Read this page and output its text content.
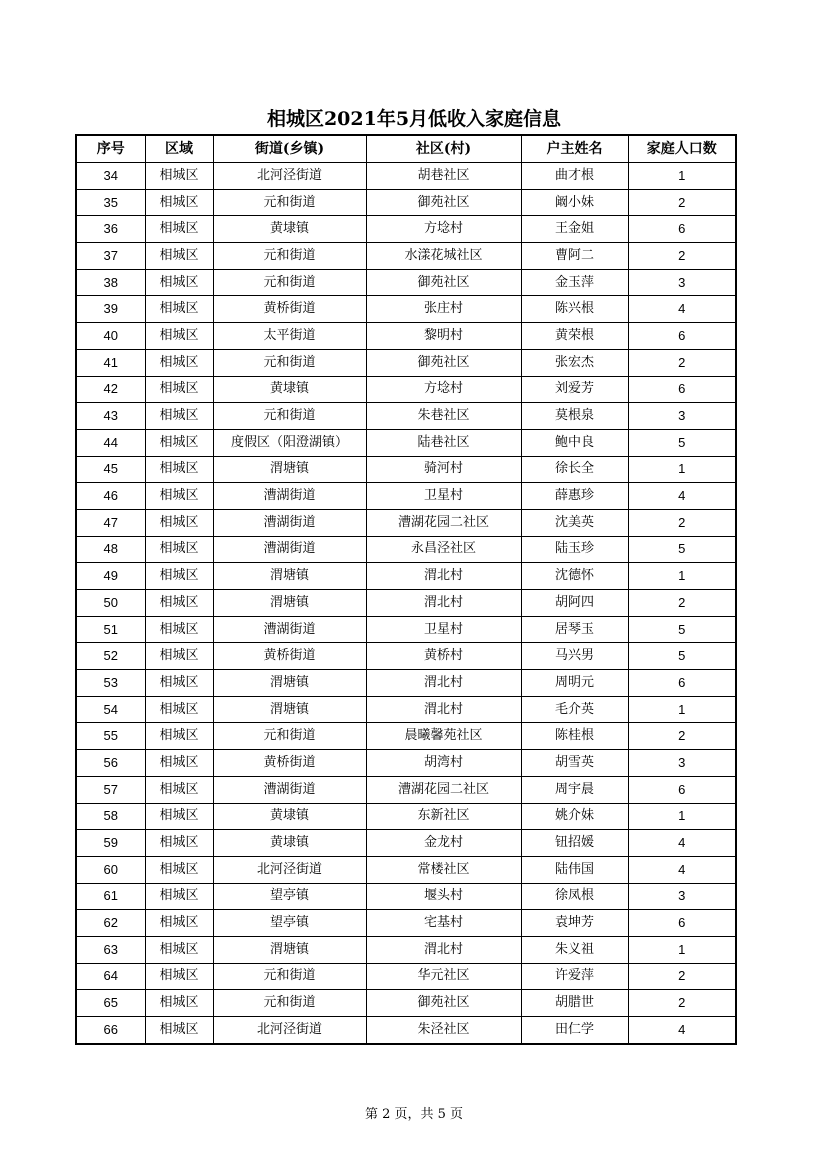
相城区2021年5月低收入家庭信息
序号	区域	街道(乡镇)	社区(村)	户主姓名	家庭人口数
34	相城区	北河泾街道	胡巷社区	曲才根	1
35	相城区	元和街道	御苑社区	阚小妹	2
36	相城区	黄埭镇	方埝村	王金姐	6
37	相城区	元和街道	水漾花城社区	曹阿二	2
38	相城区	元和街道	御苑社区	金玉萍	3
39	相城区	黄桥街道	张庄村	陈兴根	4
40	相城区	太平街道	黎明村	黄荣根	6
41	相城区	元和街道	御苑社区	张宏杰	2
42	相城区	黄埭镇	方埝村	刘爱芳	6
43	相城区	元和街道	朱巷社区	莫根泉	3
44	相城区	度假区（阳澄湖镇）	陆巷社区	鲍中良	5
45	相城区	渭塘镇	骑河村	徐长全	1
46	相城区	漕湖街道	卫星村	薛惠珍	4
47	相城区	漕湖街道	漕湖花园二社区	沈美英	2
48	相城区	漕湖街道	永昌泾社区	陆玉珍	5
49	相城区	渭塘镇	渭北村	沈德怀	1
50	相城区	渭塘镇	渭北村	胡阿四	2
51	相城区	漕湖街道	卫星村	居琴玉	5
52	相城区	黄桥街道	黄桥村	马兴男	5
53	相城区	渭塘镇	渭北村	周明元	6
54	相城区	渭塘镇	渭北村	毛介英	1
55	相城区	元和街道	晨曦馨苑社区	陈桂根	2
56	相城区	黄桥街道	胡湾村	胡雪英	3
57	相城区	漕湖街道	漕湖花园二社区	周宇晨	6
58	相城区	黄埭镇	东新社区	姚介妹	1
59	相城区	黄埭镇	金龙村	钮招媛	4
60	相城区	北河泾街道	常楼社区	陆伟国	4
61	相城区	望亭镇	堰头村	徐凤根	3
62	相城区	望亭镇	宅基村	袁坤芳	6
63	相城区	渭塘镇	渭北村	朱义祖	1
64	相城区	元和街道	华元社区	许爱萍	2
65	相城区	元和街道	御苑社区	胡腊世	2
66	相城区	北河泾街道	朱泾社区	田仁学	4
第 2 页，共 5 页
